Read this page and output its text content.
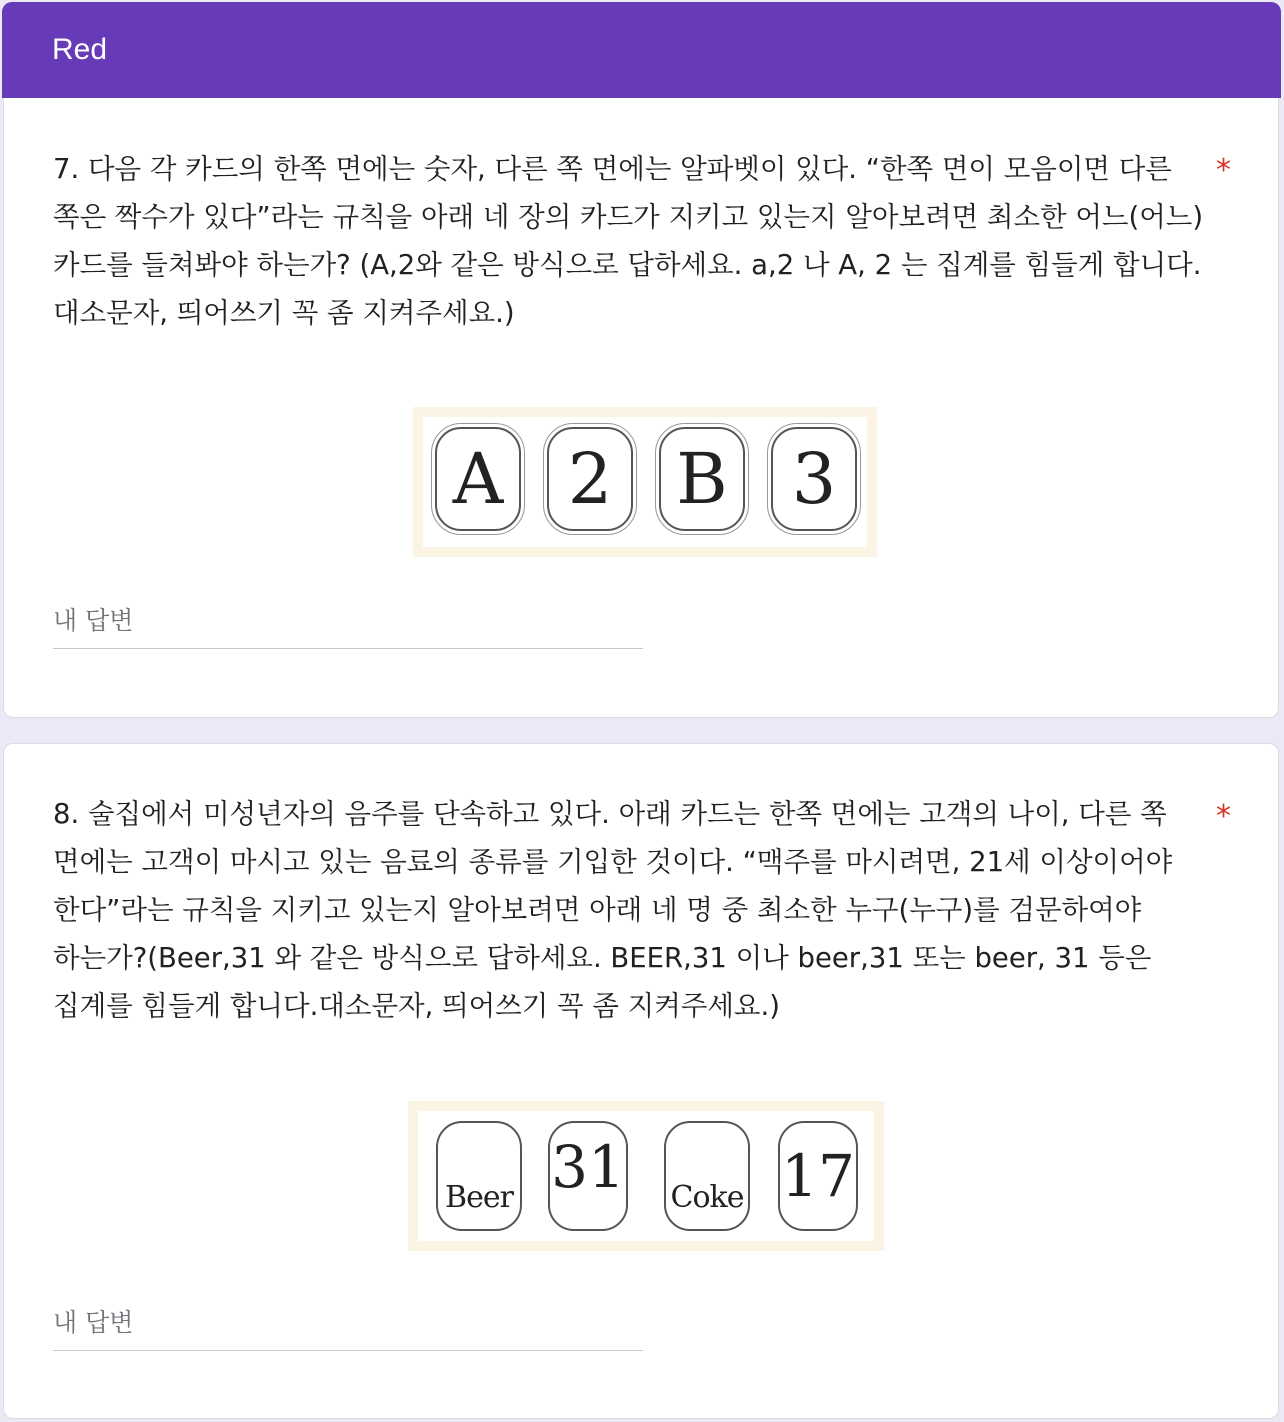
Red
7. 다음 각 카드의 한쪽 면에는 숫자, 다른 쪽 면에는 알파벳이 있다. “한쪽 면이 모음이면 다른 쪽은 짝수가 있다”라는 규칙을 아래 네 장의 카드가 지키고 있는지 알아보려면 최소한 어느(어느) 카드를 들쳐봐야 하는가? (A,2와 같은 방식으로 답하세요. a,2 나 A, 2 는 집계를 힘들게 합니다. 대소문자, 띄어쓰기 꼭 좀 지켜주세요.)
*
A 2 B 3
내 답변
8. 술집에서 미성년자의 음주를 단속하고 있다. 아래 카드는 한쪽 면에는 고객의 나이, 다른 쪽 면에는 고객이 마시고 있는 음료의 종류를 기입한 것이다. “맥주를 마시려면, 21세 이상이어야 한다”라는 규칙을 지키고 있는지 알아보려면 아래 네 명 중 최소한 누구(누구)를 검문하여야 하는가?(Beer,31 와 같은 방식으로 답하세요. BEER,31 이나 beer,31 또는 beer, 31 등은 집계를 힘들게 합니다.대소문자, 띄어쓰기 꼭 좀 지켜주세요.)
*
Beer 31 Coke 17
내 답변
